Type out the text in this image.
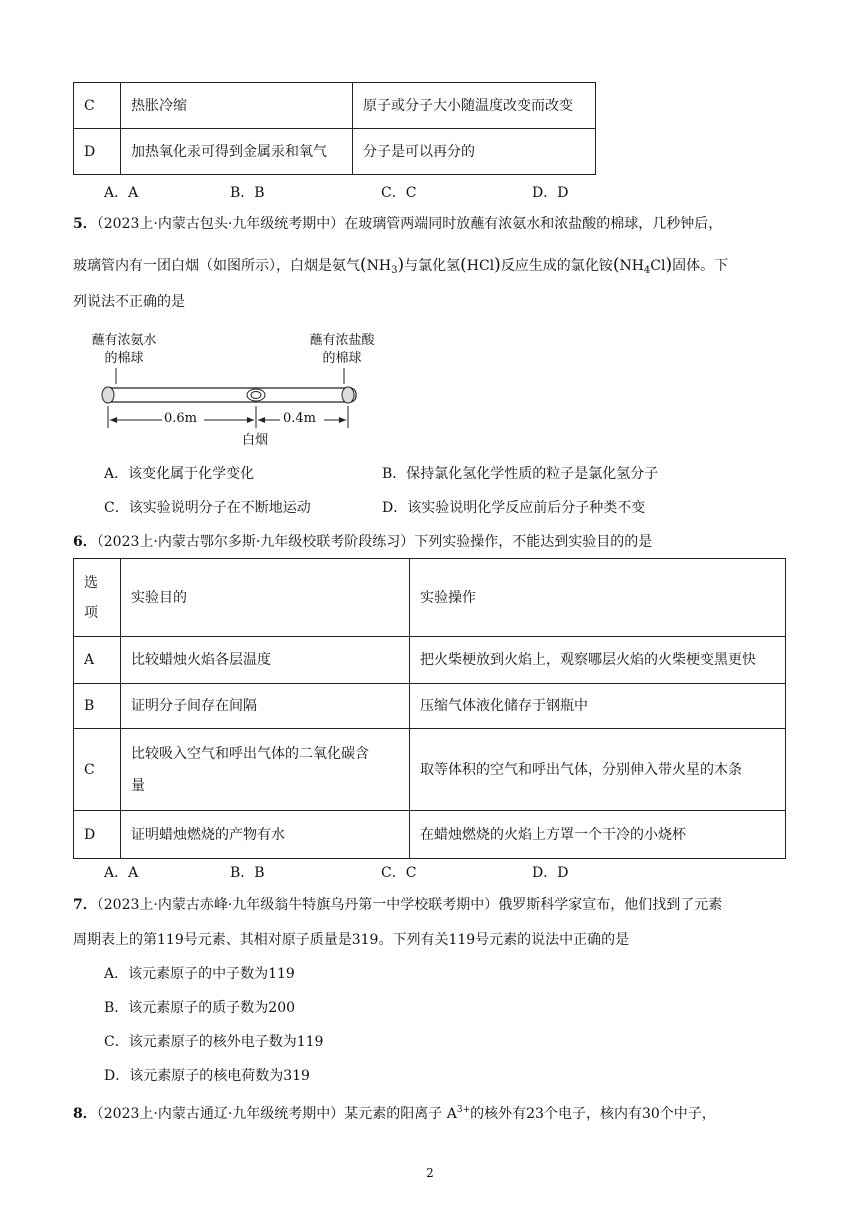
C	热胀冷缩	原子或分子大小随温度改变而改变
D	加热氧化汞可得到金属汞和氧气	分子是可以再分的
A．A	B．B	C．C	D．D
5．（2023上·内蒙古包头·九年级统考期中）在玻璃管两端同时放蘸有浓氨水和浓盐酸的棉球，几秒钟后，
玻璃管内有一团白烟（如图所示），白烟是氨气$(NH_3)$与氯化氢(HCl)反应生成的氯化铵$(NH_4Cl)$固体。下
列说法不正确的是
蘸有浓氨水
的棉球
蘸有浓盐酸
的棉球
0.6m	0.4m
白烟
A．该变化属于化学变化	B．保持氯化氢化学性质的粒子是氯化氢分子
C．该实验说明分子在不断地运动	D．该实验说明化学反应前后分子种类不变
6．（2023上·内蒙古鄂尔多斯·九年级校联考阶段练习）下列实验操作，不能达到实验目的的是
选
项	实验目的	实验操作
A	比较蜡烛火焰各层温度	把火柴梗放到火焰上，观察哪层火焰的火柴梗变黑更快
B	证明分子间存在间隔	压缩气体液化储存于钢瓶中
C	比较吸入空气和呼出气体的二氧化碳含
量	取等体积的空气和呼出气体，分别伸入带火星的木条
D	证明蜡烛燃烧的产物有水	在蜡烛燃烧的火焰上方罩一个干冷的小烧杯
A．A	B．B	C．C	D．D
7．（2023上·内蒙古赤峰·九年级翁牛特旗乌丹第一中学校联考期中）俄罗斯科学家宣布，他们找到了元素
周期表上的第119号元素、其相对原子质量是319。下列有关119号元素的说法中正确的是
A．该元素原子的中子数为119
B．该元素原子的质子数为200
C．该元素原子的核外电子数为119
D．该元素原子的核电荷数为319
8．（2023上·内蒙古通辽·九年级统考期中）某元素的阳离子 $A^{3+}$的核外有23个电子，核内有30个中子，
2
